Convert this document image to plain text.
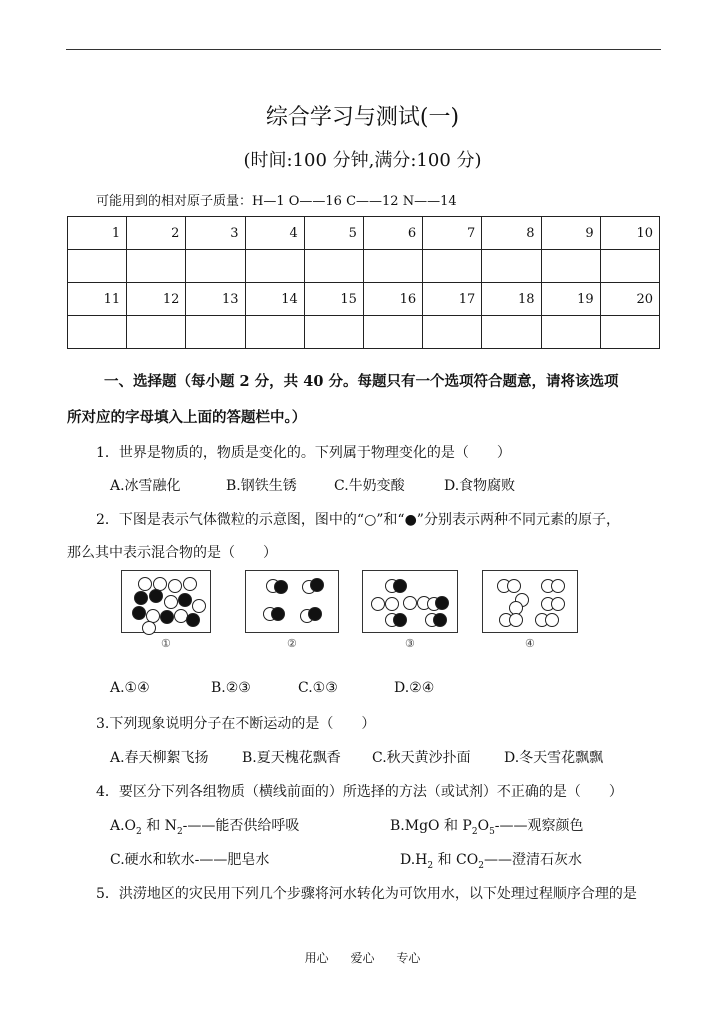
综合学习与测试(一)
(时间:100 分钟,满分:100 分)
可能用到的相对原子质量：H—1 O——16 C——12 N——14
1	2	3	4	5	6	7	8	9	10

11	12	13	14	15	16	17	18	19	20

一、选择题（每小题 2 分，共 40 分。每题只有一个选项符合题意，请将该选项
所对应的字母填入上面的答题栏中。）
1．世界是物质的，物质是变化的。下列属于物理变化的是（　　）
A.冰雪融化	B.钢铁生锈	C.牛奶变酸	D.食物腐败
2．下图是表示气体微粒的示意图，图中的“○”和“●”分别表示两种不同元素的原子，
那么其中表示混合物的是（　　）
①	②	③	④
A.①④	B.②③	C.①③	D.②④
3.下列现象说明分子在不断运动的是（　　）
A.春天柳絮飞扬 B.夏天槐花飘香 C.秋天黄沙扑面 D.冬天雪花飘飘
4．要区分下列各组物质（横线前面的）所选择的方法（或试剂）不正确的是（　　）
$A.O_2$ 和 $N_2-——$能否供给呼吸	B.MgO 和 $P_2O_5-——$观察颜色
C.硬水和软水-——肥皂水	$D.H_2$ 和 $CO_2——$澄清石灰水
5．洪涝地区的灾民用下列几个步骤将河水转化为可饮用水，以下处理过程顺序合理的是
用心 爱心 专心
